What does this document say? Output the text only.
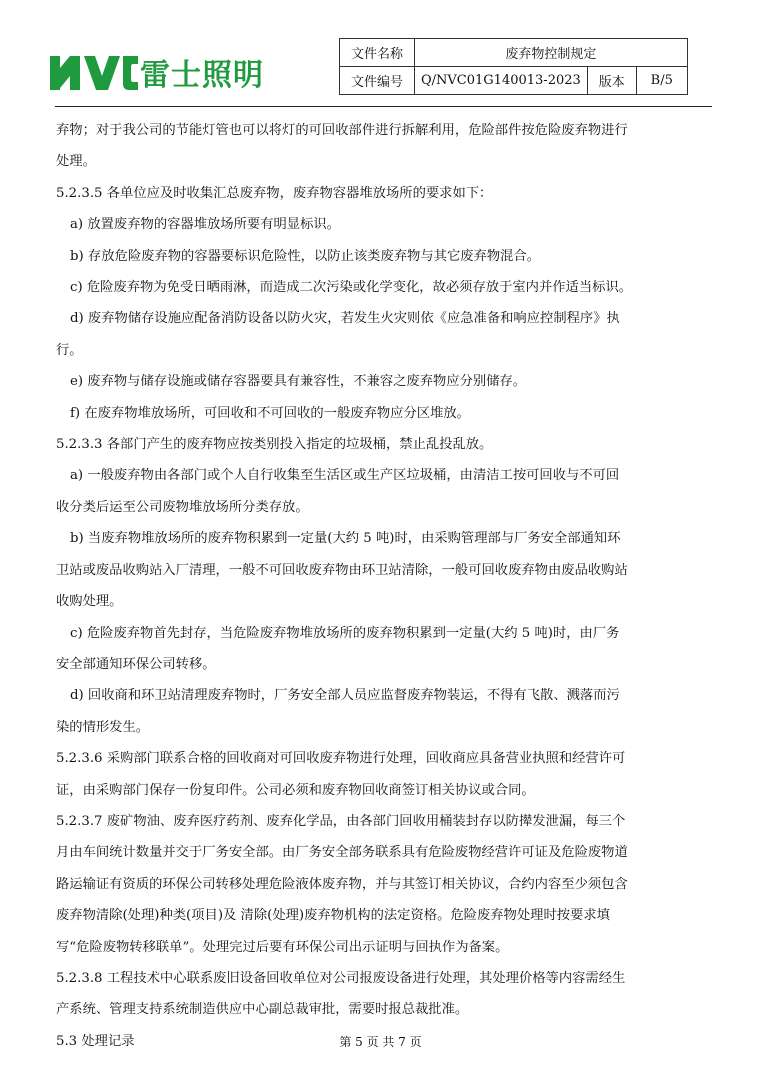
雷士照明
文件名称	废弃物控制规定		
文件编号	Q/NVC01G140013-2023	版本	B/5

弃物；对于我公司的节能灯管也可以将灯的可回收部件进行拆解利用，危险部件按危险废弃物进行

处理。

5.2.3.5 各单位应及时收集汇总废弃物，废弃物容器堆放场所的要求如下：

a) 放置废弃物的容器堆放场所要有明显标识。

b) 存放危险废弃物的容器要标识危险性，以防止该类废弃物与其它废弃物混合。

c) 危险废弃物为免受日晒雨淋，而造成二次污染或化学变化，故必须存放于室内并作适当标识。

d) 废弃物储存设施应配备消防设备以防火灾，若发生火灾则依《应急准备和响应控制程序》执

行。

e) 废弃物与储存设施或储存容器要具有兼容性，不兼容之废弃物应分别储存。

f) 在废弃物堆放场所，可回收和不可回收的一般废弃物应分区堆放。

5.2.3.3 各部门产生的废弃物应按类别投入指定的垃圾桶，禁止乱投乱放。

a) 一般废弃物由各部门或个人自行收集至生活区或生产区垃圾桶，由清洁工按可回收与不可回

收分类后运至公司废物堆放场所分类存放。

b) 当废弃物堆放场所的废弃物积累到一定量(大约 5 吨)时，由采购管理部与厂务安全部通知环

卫站或废品收购站入厂清理，一般不可回收废弃物由环卫站清除，一般可回收废弃物由废品收购站

收购处理。

c) 危险废弃物首先封存，当危险废弃物堆放场所的废弃物积累到一定量(大约 5 吨)时，由厂务

安全部通知环保公司转移。

d) 回收商和环卫站清理废弃物时，厂务安全部人员应监督废弃物装运，不得有飞散、溅落而污

染的情形发生。

5.2.3.6 采购部门联系合格的回收商对可回收废弃物进行处理，回收商应具备营业执照和经营许可

证，由采购部门保存一份复印件。公司必须和废弃物回收商签订相关协议或合同。

5.2.3.7 废矿物油、废弃医疗药剂、废弃化学品，由各部门回收用桶装封存以防撵发泄漏，每三个

月由车间统计数量并交于厂务安全部。由厂务安全部务联系具有危险废物经营许可证及危险废物道

路运输证有资质的环保公司转移处理危险液体废弃物，并与其签订相关协议，合约内容至少须包含

废弃物清除(处理)种类(项目)及 清除(处理)废弃物机构的法定资格。危险废弃物处理时按要求填

写“危险废物转移联单”。处理完过后要有环保公司出示证明与回执作为备案。

5.2.3.8 工程技术中心联系废旧设备回收单位对公司报废设备进行处理，其处理价格等内容需经生

产系统、管理支持系统制造供应中心副总裁审批，需要时报总裁批准。

5.3 处理记录	第 5 页 共 7 页
